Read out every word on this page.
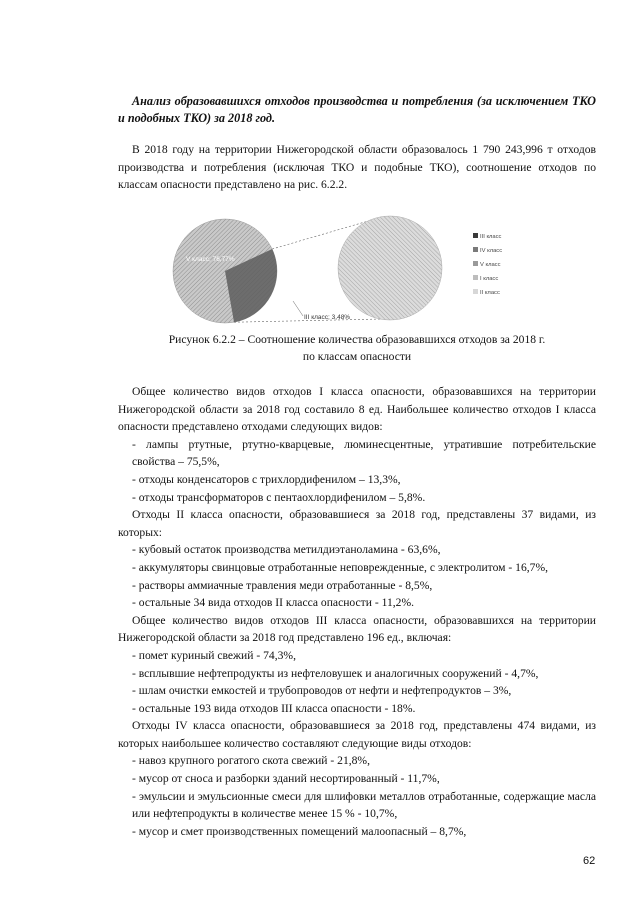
Анализ образовавшихся отходов производства и потребления (за исключением ТКО и подобных ТКО) за 2018 год.

В 2018 году на территории Нижегородской области образовалось 1 790 243,996 т отходов производства и потребления (исключая ТКО и подобные ТКО), соотношение отходов по классам опасности представлено на рис. 6.2.2.

V класс; 76,77%
III класс; 3,48%
III класс
IV класс
V класс
I класс
II класс

Рисунок 6.2.2 – Соотношение количества образовавшихся отходов за 2018 г.
по классам опасности

Общее количество видов отходов I класса опасности, образовавшихся на территории Нижегородской области за 2018 год составило 8 ед. Наибольшее количество отходов I класса опасности представлено отходами следующих видов:

- лампы ртутные, ртутно-кварцевые, люминесцентные, утратившие потребительские свойства – 75,5%,

- отходы конденсаторов с трихлордифенилом – 13,3%,

- отходы трансформаторов с пентаохлордифенилом – 5,8%.

Отходы II класса опасности, образовавшиеся за 2018 год, представлены 37 видами, из которых:

- кубовый остаток производства метилдиэтаноламина - 63,6%,

- аккумуляторы свинцовые отработанные неповрежденные, с электролитом - 16,7%,

- растворы аммиачные травления меди отработанные - 8,5%,

- остальные 34 вида отходов II класса опасности - 11,2%.

Общее количество видов отходов III класса опасности, образовавшихся на территории Нижегородской области за 2018 год представлено 196 ед., включая:

- помет куриный свежий - 74,3%,

- всплывшие нефтепродукты из нефтеловушек и аналогичных сооружений - 4,7%,

- шлам очистки емкостей и трубопроводов от нефти и нефтепродуктов – 3%,

- остальные 193 вида отходов III класса опасности - 18%.

Отходы IV класса опасности, образовавшиеся за 2018 год, представлены 474 видами, из которых наибольшее количество составляют следующие виды отходов:

- навоз крупного рогатого скота свежий - 21,8%,

- мусор от сноса и разборки зданий несортированный - 11,7%,

- эмульсии и эмульсионные смеси для шлифовки металлов отработанные, содержащие масла или нефтепродукты в количестве менее 15 % - 10,7%,

- мусор и смет производственных помещений малоопасный – 8,7%,

62
